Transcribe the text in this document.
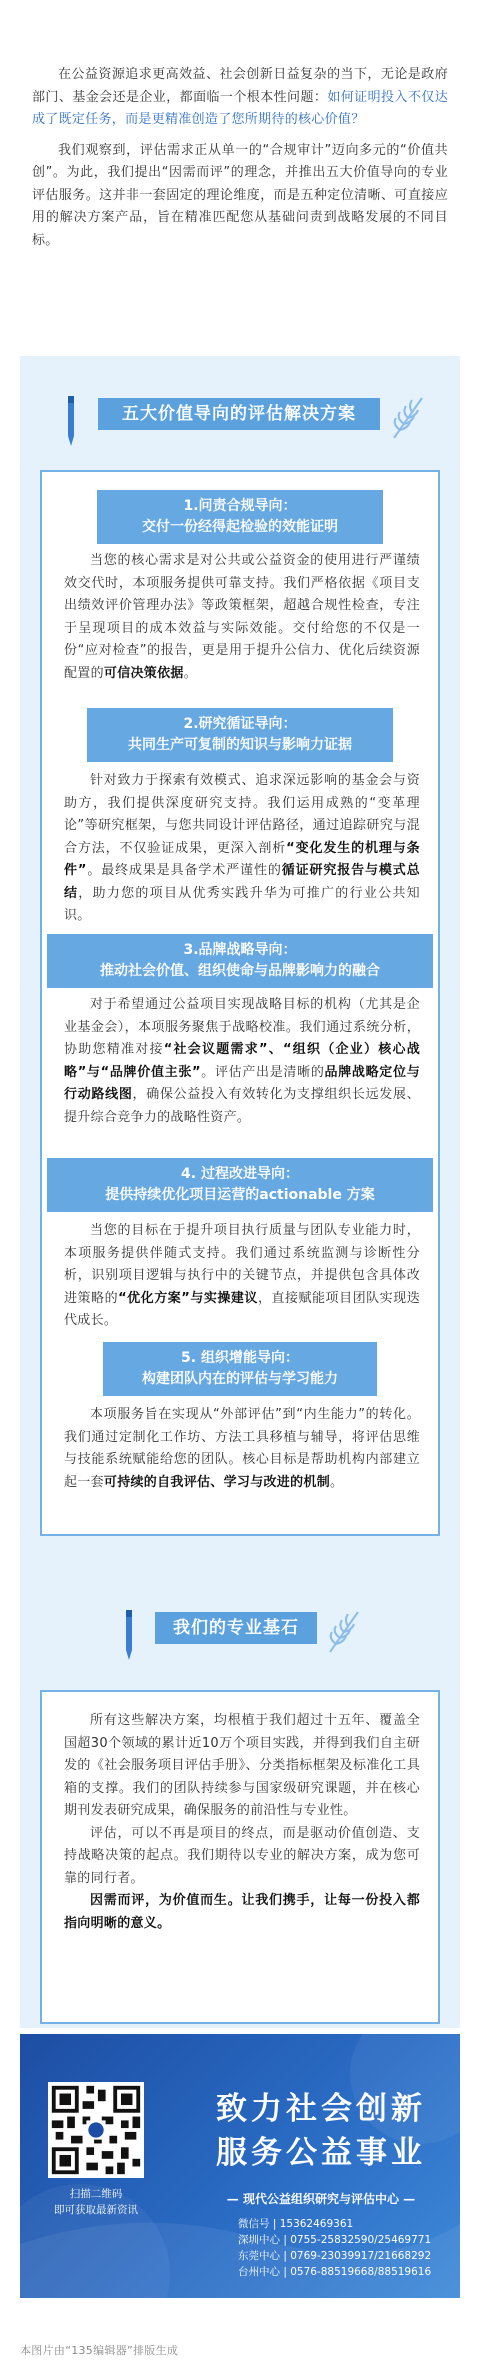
在公益资源追求更高效益、社会创新日益复杂的当下，无论是政府部门、基金会还是企业，都面临一个根本性问题：如何证明投入不仅达成了既定任务，而是更精准创造了您所期待的核心价值？

我们观察到，评估需求正从单一的“合规审计”迈向多元的“价值共创”。为此，我们提出“因需而评”的理念，并推出五大价值导向的专业评估服务。这并非一套固定的理论维度，而是五种定位清晰、可直接应用的解决方案产品，旨在精准匹配您从基础问责到战略发展的不同目标。

五大价值导向的评估解决方案
1.问责合规导向：
交付一份经得起检验的效能证明

当您的核心需求是对公共或公益资金的使用进行严谨绩效交代时，本项服务提供可靠支持。我们严格依据《项目支出绩效评价管理办法》等政策框架，超越合规性检查，专注于呈现项目的成本效益与实际效能。交付给您的不仅是一份“应对检查”的报告，更是用于提升公信力、优化后续资源配置的可信决策依据。

2.研究循证导向：
共同生产可复制的知识与影响力证据

针对致力于探索有效模式、追求深远影响的基金会与资助方，我们提供深度研究支持。我们运用成熟的“变革理论”等研究框架，与您共同设计评估路径，通过追踪研究与混合方法，不仅验证成果，更深入剖析“变化发生的机理与条件”。最终成果是具备学术严谨性的循证研究报告与模式总结，助力您的项目从优秀实践升华为可推广的行业公共知识。

3.品牌战略导向：
推动社会价值、组织使命与品牌影响力的融合

对于希望通过公益项目实现战略目标的机构（尤其是企业基金会），本项服务聚焦于战略校准。我们通过系统分析，协助您精准对接“社会议题需求”、“组织（企业）核心战略”与“品牌价值主张”。评估产出是清晰的品牌战略定位与行动路线图，确保公益投入有效转化为支撑组织长远发展、提升综合竞争力的战略性资产。

4. 过程改进导向：
提供持续优化项目运营的actionable 方案

当您的目标在于提升项目执行质量与团队专业能力时，本项服务提供伴随式支持。我们通过系统监测与诊断性分析，识别项目逻辑与执行中的关键节点，并提供包含具体改进策略的“优化方案”与实操建议，直接赋能项目团队实现迭代成长。

5. 组织增能导向：
构建团队内在的评估与学习能力

本项服务旨在实现从“外部评估”到“内生能力”的转化。我们通过定制化工作坊、方法工具移植与辅导，将评估思维与技能系统赋能给您的团队。核心目标是帮助机构内部建立起一套可持续的自我评估、学习与改进的机制。

我们的专业基石

所有这些解决方案，均根植于我们超过十五年、覆盖全国超30个领域的累计近10万个项目实践，并得到我们自主研发的《社会服务项目评估手册》、分类指标框架及标准化工具箱的支撑。我们的团队持续参与国家级研究课题，并在核心期刊发表研究成果，确保服务的前沿性与专业性。

评估，可以不再是项目的终点，而是驱动价值创造、支持战略决策的起点。我们期待以专业的解决方案，成为您可靠的同行者。

因需而评，为价值而生。让我们携手，让每一份投入都指向明晰的意义。

扫描二维码
即可获取最新资讯
致力社会创新
服务公益事业
— 现代公益组织研究与评估中心 —
微信号 | 15362469361
深圳中心 | 0755-25832590/25469771
东莞中心 | 0769-23039917/21668292
台州中心 | 0576-88519668/88519616
本图片由“135编辑器”排版生成
